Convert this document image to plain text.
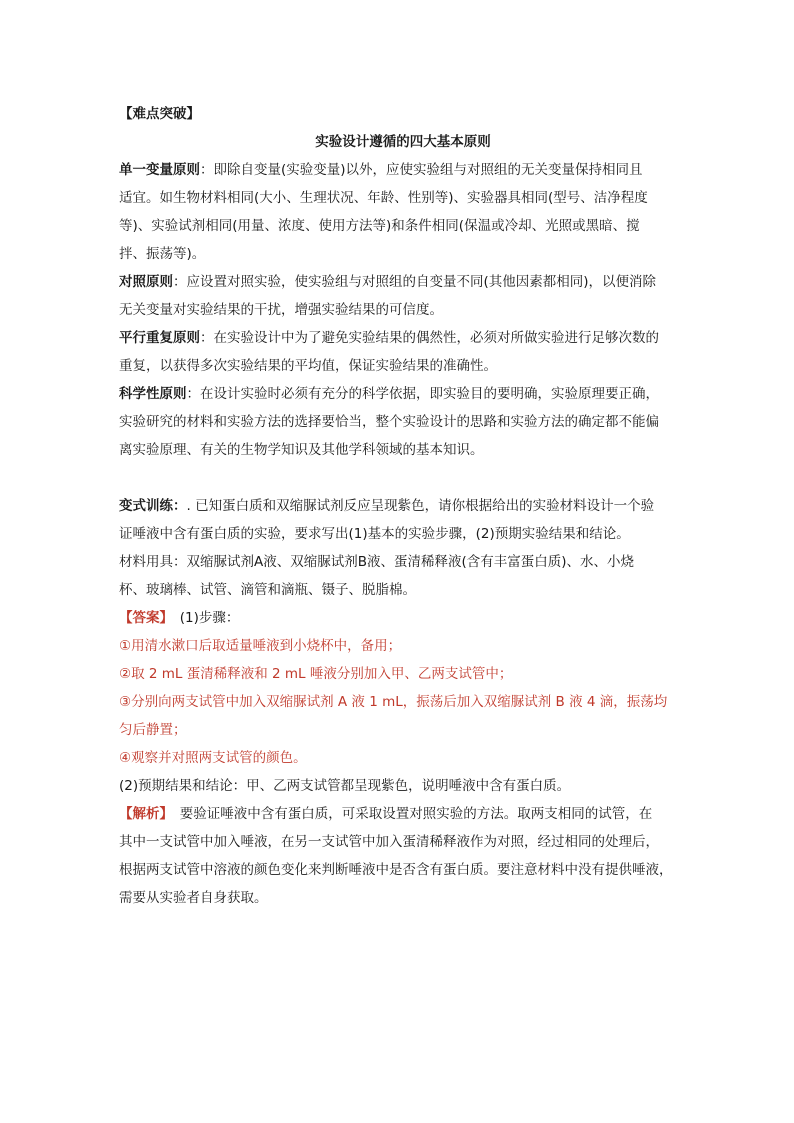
【难点突破】
实验设计遵循的四大基本原则
单一变量原则：即除自变量(实验变量)以外，应使实验组与对照组的无关变量保持相同且
适宜。如生物材料相同(大小、生理状况、年龄、性别等)、实验器具相同(型号、洁净程度
等)、实验试剂相同(用量、浓度、使用方法等)和条件相同(保温或冷却、光照或黑暗、搅
拌、振荡等)。
对照原则：应设置对照实验，使实验组与对照组的自变量不同(其他因素都相同)，以便消除
无关变量对实验结果的干扰，增强实验结果的可信度。
平行重复原则：在实验设计中为了避免实验结果的偶然性，必须对所做实验进行足够次数的
重复，以获得多次实验结果的平均值，保证实验结果的准确性。
科学性原则：在设计实验时必须有充分的科学依据，即实验目的要明确，实验原理要正确，
实验研究的材料和实验方法的选择要恰当，整个实验设计的思路和实验方法的确定都不能偏
离实验原理、有关的生物学知识及其他学科领域的基本知识。
变式训练：. 已知蛋白质和双缩脲试剂反应呈现紫色，请你根据给出的实验材料设计一个验
证唾液中含有蛋白质的实验，要求写出(1)基本的实验步骤，(2)预期实验结果和结论。
材料用具：双缩脲试剂A液、双缩脲试剂B液、蛋清稀释液(含有丰富蛋白质)、水、小烧
杯、玻璃棒、试管、滴管和滴瓶、镊子、脱脂棉。
【答案】　(1)步骤：
①用清水漱口后取适量唾液到小烧杯中，备用；
②取 2 mL 蛋清稀释液和 2 mL 唾液分别加入甲、乙两支试管中；
③分别向两支试管中加入双缩脲试剂 A 液 1 mL，振荡后加入双缩脲试剂 B 液 4 滴，振荡均
匀后静置；
④观察并对照两支试管的颜色。
(2)预期结果和结论：甲、乙两支试管都呈现紫色，说明唾液中含有蛋白质。
【解析】　要验证唾液中含有蛋白质，可采取设置对照实验的方法。取两支相同的试管，在
其中一支试管中加入唾液，在另一支试管中加入蛋清稀释液作为对照，经过相同的处理后，
根据两支试管中溶液的颜色变化来判断唾液中是否含有蛋白质。要注意材料中没有提供唾液，
需要从实验者自身获取。
